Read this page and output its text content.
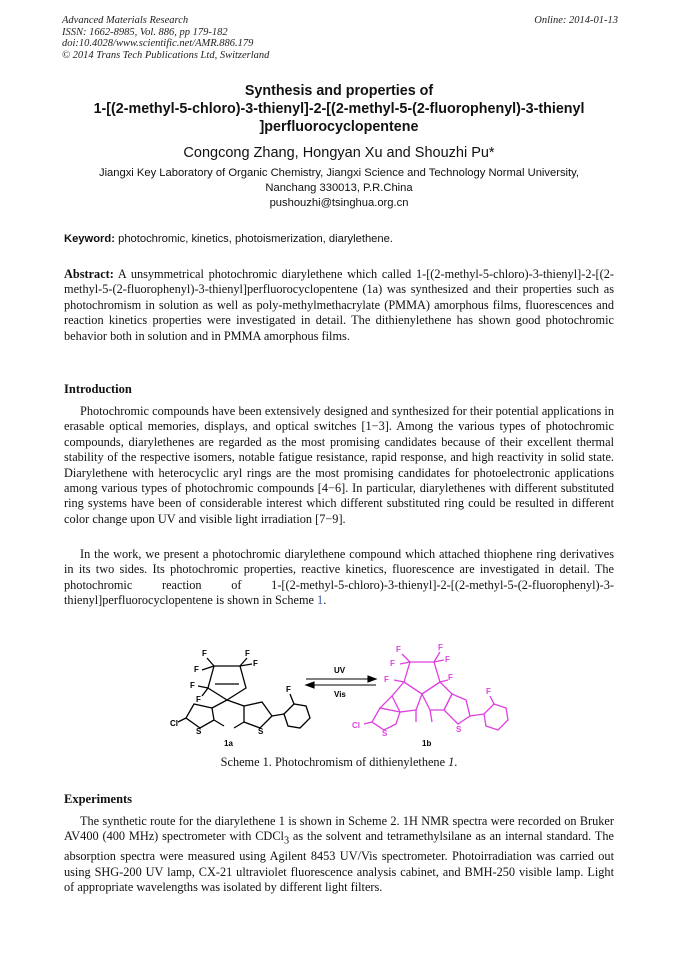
Advanced Materials Research
ISSN: 1662-8985, Vol. 886, pp 179-182
doi:10.4028/www.scientific.net/AMR.886.179
© 2014 Trans Tech Publications Ltd, Switzerland
Online: 2014-01-13
Synthesis and properties of
1-[(2-methyl-5-chloro)-3-thienyl]-2-[(2-methyl-5-(2-fluorophenyl)-3-thienyl
]perfluorocyclopentene
Congcong Zhang, Hongyan Xu and Shouzhi Pu*
Jiangxi Key Laboratory of Organic Chemistry, Jiangxi Science and Technology Normal University,
Nanchang 330013, P.R.China
pushouzhi@tsinghua.org.cn
Keyword: photochromic, kinetics, photoismerization, diarylethene.
Abstract: A unsymmetrical photochromic diarylethene which called 1-[(2-methyl-5-chloro)-3-thienyl]-2-[(2-methyl-5-(2-fluorophenyl)-3-thienyl]perfluorocyclopentene (1a) was synthesized and their properties such as photochromism in solution as well as poly-methylmethacrylate (PMMA) amorphous films, fluorescences and reaction kinetics properties were investigated in detail. The dithienylethene has shown good photochromic behavior both in solution and in PMMA amorphous films.
Introduction
Photochromic compounds have been extensively designed and synthesized for their potential applications in erasable optical memories, displays, and optical switches [1−3]. Among the various types of photochromic compounds, diarylethenes are regarded as the most promising candidates because of their excellent thermal stability of the respective isomers, notable fatigue resistance, rapid response, and high reactivity in solid state. Diarylethene with heterocyclic aryl rings are the most promising candidates for photoelectronic applications among various types of photochromic compounds [4−6]. In particular, diarylethenes with different substituted ring systems have been of considerable interest which different substituted ring could be resulted in different color change upon UV and visible light irradiation [7−9].
In the work, we present a photochromic diarylethene compound which attached thiophene ring derivatives in its two sides. Its photochromic properties, reactive kinetics, fluorescence are investigated in detail. The photochromic reaction of 1-[(2-methyl-5-chloro)-3-thienyl]-2-[(2-methyl-5-(2-fluorophenyl)-3-thienyl]perfluorocyclopentene is shown in Scheme 1.
F
F
F
F
F
F
S	S
Cl
F
1a
UV
Vis
F
F
F
F
F	F
S	S
Cl
F
1b
Scheme 1. Photochromism of dithienylethene 1.
Experiments
The synthetic route for the diarylethene 1 is shown in Scheme 2. 1H NMR spectra were recorded on Bruker AV400 (400 MHz) spectrometer with CDCl$_3$ as the solvent and tetramethylsilane as an internal standard. The absorption spectra were measured using Agilent 8453 UV/Vis spectrometer. Photoirradiation was carried out using SHG-200 UV lamp, CX-21 ultraviolet fluorescence analysis cabinet, and BMH-250 visible lamp. Light of appropriate wavelengths was isolated by different light filters.
